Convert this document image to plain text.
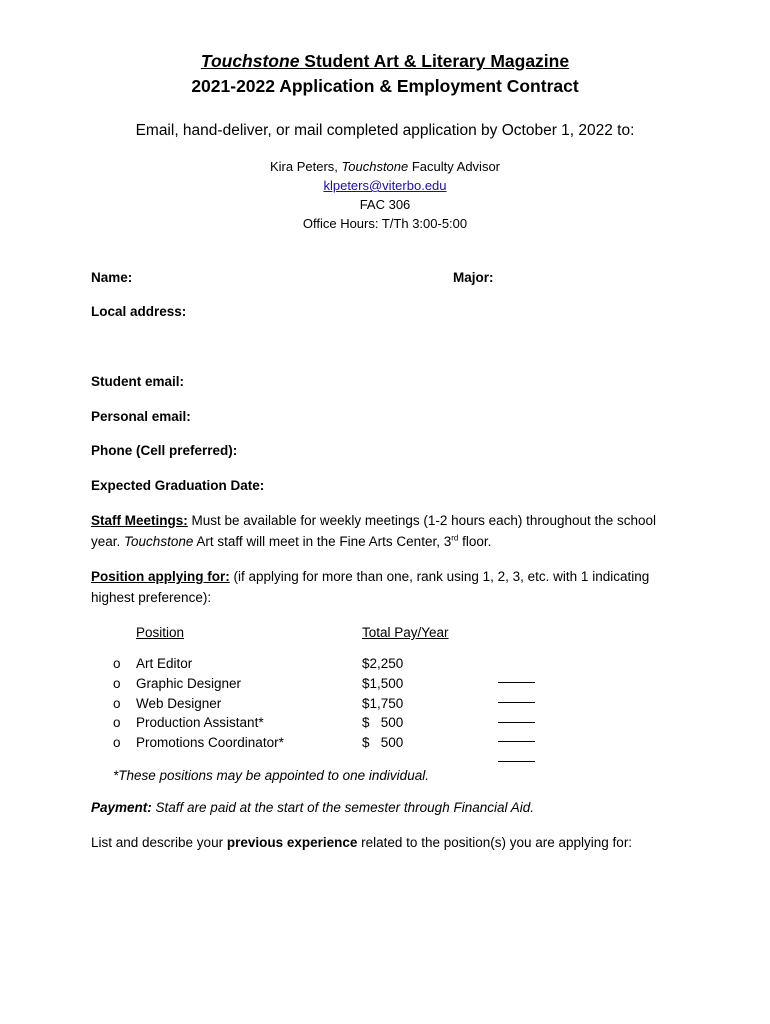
Touchstone Student Art & Literary Magazine
2021-2022 Application & Employment Contract
Email, hand-deliver, or mail completed application by October 1, 2022 to:
Kira Peters, Touchstone Faculty Advisor
klpeters@viterbo.edu
FAC 306
Office Hours: T/Th 3:00-5:00
Name:	Major:
Local address:
Student email:
Personal email:
Phone (Cell preferred):
Expected Graduation Date:
Staff Meetings: Must be available for weekly meetings (1-2 hours each) throughout the school
year. Touchstone Art staff will meet in the Fine Arts Center, 3rd floor.
Position applying for: (if applying for more than one, rank using 1, 2, 3, etc. with 1 indicating
highest preference):
Position	Total Pay/Year
o Art Editor	$2,250
o Graphic Designer	$1,500
o Web Designer	$1,750
o Production Assistant*	$   500
o Promotions Coordinator*	$   500
*These positions may be appointed to one individual.
Payment: Staff are paid at the start of the semester through Financial Aid.
List and describe your previous experience related to the position(s) you are applying for:
